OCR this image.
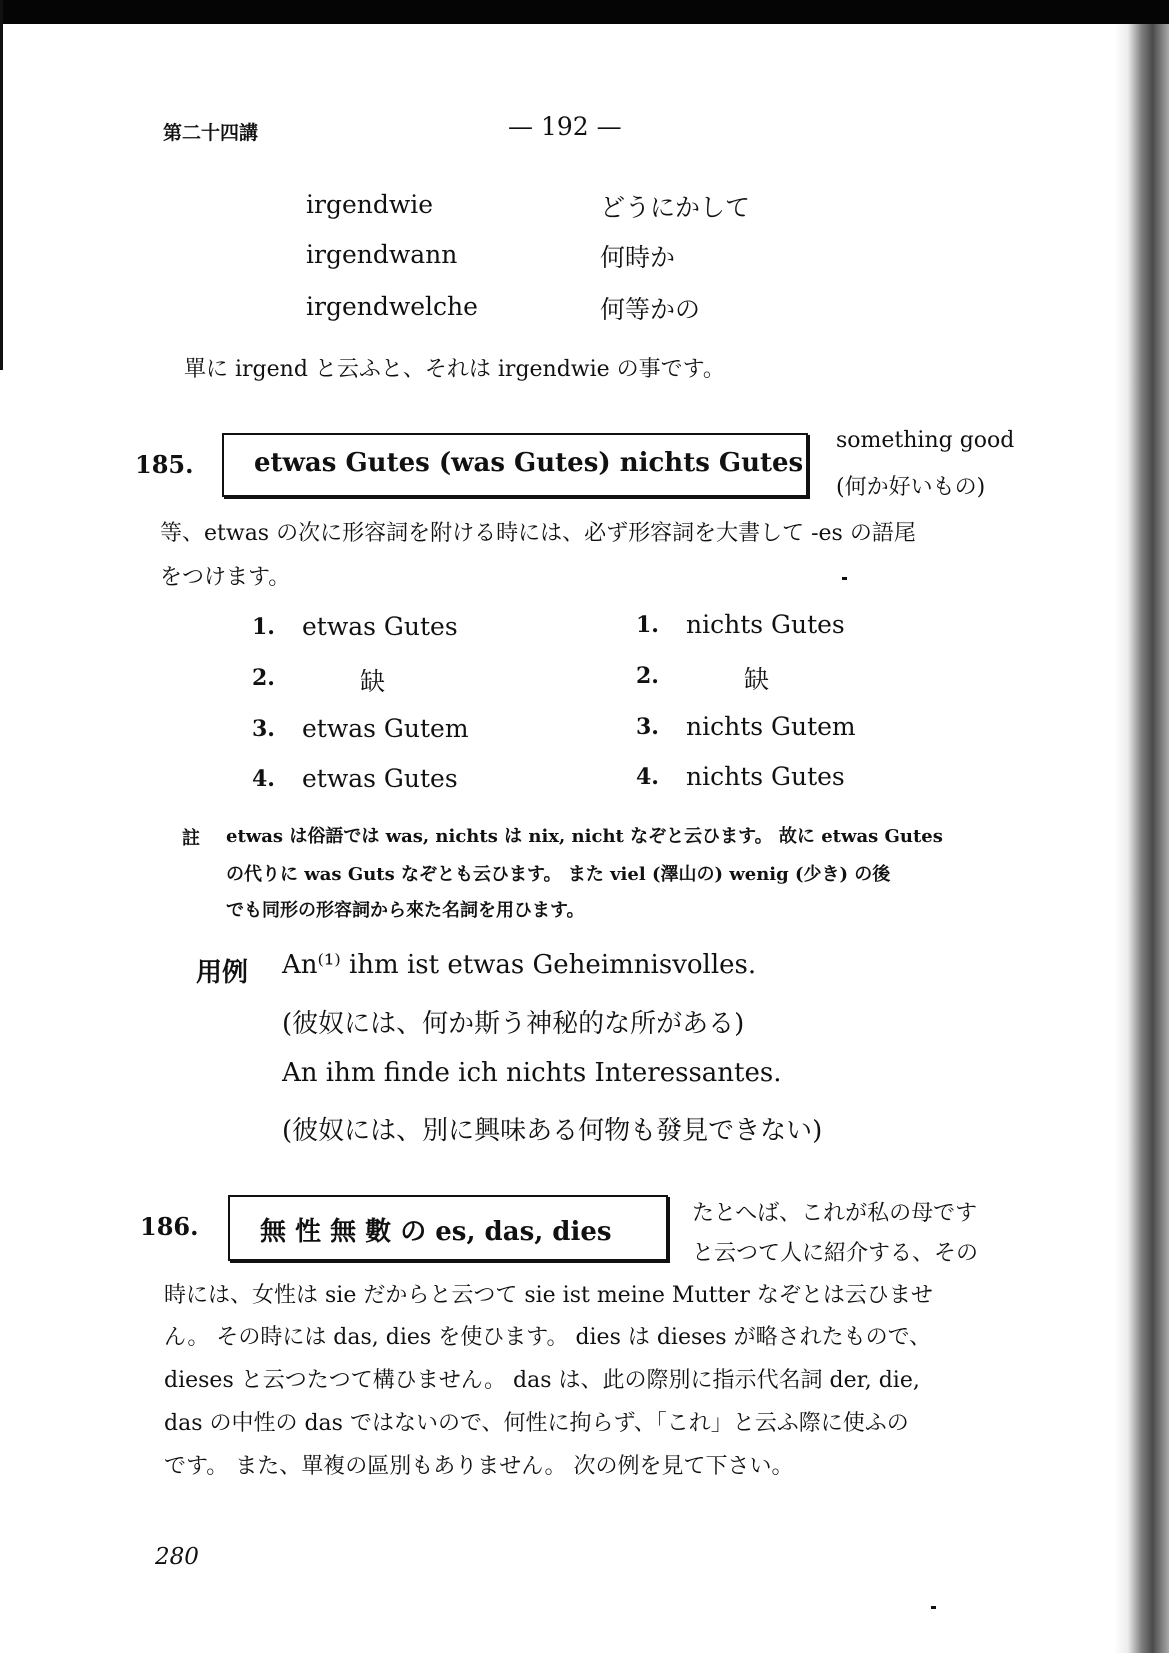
第二十四講	— 192 —
irgendwie	どうにかして
irgendwann	何時か
irgendwelche	何等かの
單に irgend と云ふと、それは irgendwie の事です。
185. etwas Gutes (was Gutes) nichts Gutes
something good
(何か好いもの)
等、etwas の次に形容詞を附ける時には、必ず形容詞を大書して -es の語尾
をつけます。
1. etwas Gutes
2.	缺
3. etwas Gutem
4. etwas Gutes
1. nichts Gutes
2.	缺
3. nichts Gutem
4. nichts Gutes
註 etwas は俗語では was, nichts は nix, nicht なぞと云ひます。 故に etwas Gutes
の代りに was Guts なぞとも云ひます。 また viel (澤山の) wenig (少き) の後
でも同形の形容詞から來た名詞を用ひます。
用例 An⁽¹⁾ ihm ist etwas Geheimnisvolles.
(彼奴には、何か斯う神秘的な所がある)
An ihm finde ich nichts Interessantes.
(彼奴には、別に興味ある何物も發見できない)
186. 無 性 無 數 の es, das, dies
たとへば、これが私の母です
と云つて人に紹介する、その
時には、女性は sie だからと云つて sie ist meine Mutter なぞとは云ひませ
ん。 その時には das, dies を使ひます。 dies は dieses が略されたもので、
dieses と云つたつて構ひません。 das は、此の際別に指示代名詞 der, die,
das の中性の das ではないので、何性に拘らず、「これ」と云ふ際に使ふの
です。 また、單複の區別もありません。 次の例を見て下さい。
280
